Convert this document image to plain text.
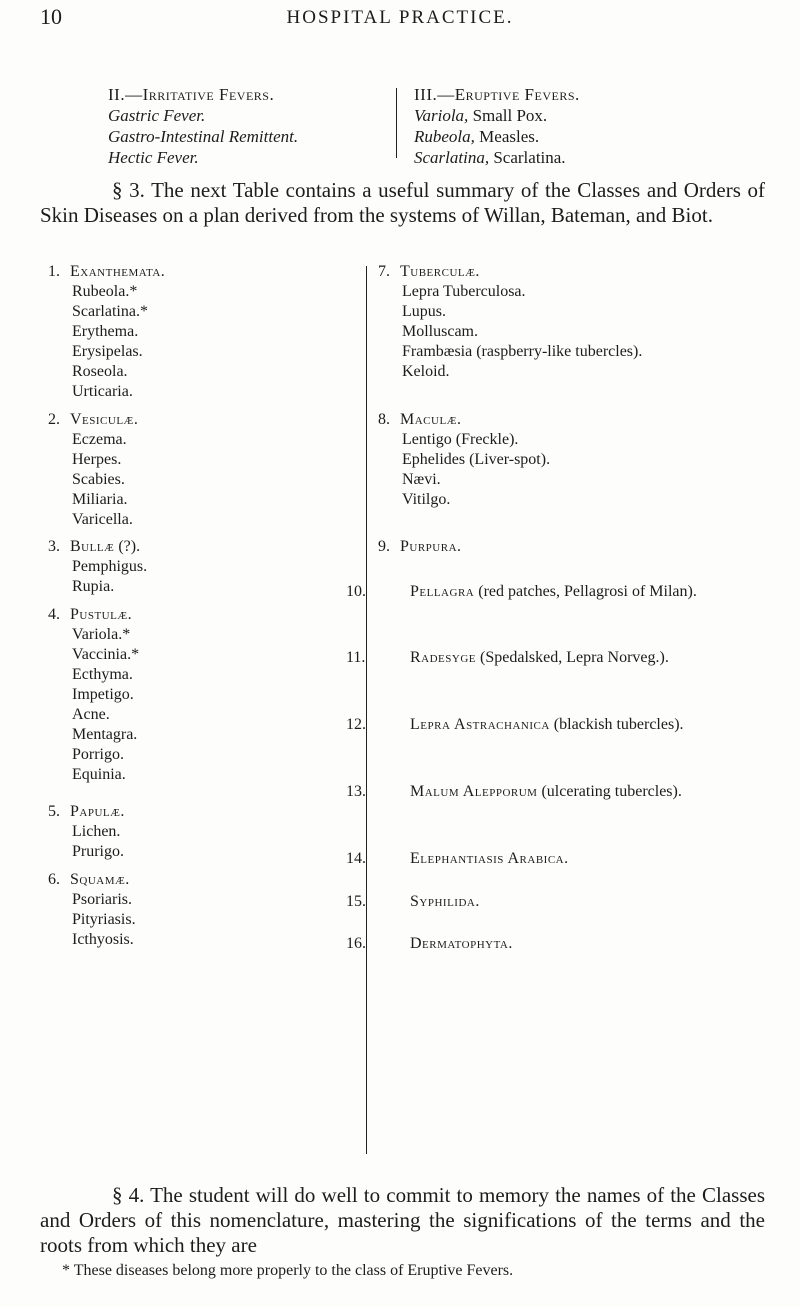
10	HOSPITAL PRACTICE.
II.—Irritative Fevers.
Gastric Fever.
Gastro-Intestinal Remittent.
Hectic Fever.
III.—Eruptive Fevers.
Variola, Small Pox.
Rubeola, Measles.
Scarlatina, Scarlatina.
§ 3. The next Table contains a useful summary of the Classes and Orders of Skin Diseases on a plan derived from the systems of Willan, Bateman, and Biot.
1. Exanthemata.
Rubeola.*
Scarlatina.*
Erythema.
Erysipelas.
Roseola.
Urticaria.
2. Vesiculæ.
Eczema.
Herpes.
Scabies.
Miliaria.
Varicella.
3. Bullæ (?).
Pemphigus.
Rupia.
4. Pustulæ.
Variola.*
Vaccinia.*
Ecthyma.
Impetigo.
Acne.
Mentagra.
Porrigo.
Equinia.
5. Papulæ.
Lichen.
Prurigo.
6. Squamæ.
Psoriaris.
Pityriasis.
Icthyosis.
7. Tuberculæ.
Lepra Tuberculosa.
Lupus.
Molluscam.
Frambæsia (raspberry-like tubercles).
Keloid.
8. Maculæ.
Lentigo (Freckle).
Ephelides (Liver-spot).
Nævi.
Vitilgo.
9. Purpura.
10.	Pellagra (red patches, Pellagrosi of Milan).
11.	Radesyge (Spedalsked, Lepra Norveg.).
12.	Lepra Astrachanica (blackish tubercles).
13.	Malum Alepporum (ulcerating tubercles).
14.	Elephantiasis Arabica.
15.	Syphilida.
16.	Dermatophyta.
§ 4. The student will do well to commit to memory the names of the Classes and Orders of this nomenclature, mastering the significations of the terms and the roots from which they are
* These diseases belong more properly to the class of Eruptive Fevers.
